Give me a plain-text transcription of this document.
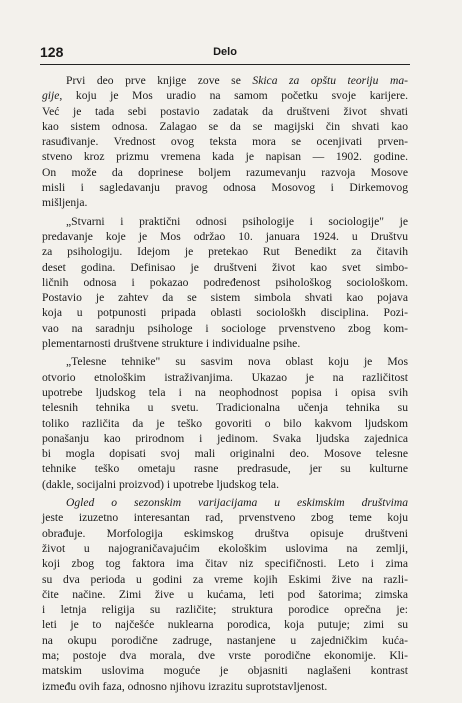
128	Delo
Prvi deo prve knjige zove se Skica za opštu teoriju ma-
gije, koju je Mos uradio na samom početku svoje karijere.
Već je tada sebi postavio zadatak da društveni život shvati
kao sistem odnosa. Zalagao se da se magijski čin shvati kao
rasuđivanje. Vrednost ovog teksta mora se ocenjivati prven-
stveno kroz prizmu vremena kada je napisan — 1902. godine.
On može da doprinese boljem razumevanju razvoja Mosove
misli i sagledavanju pravog odnosa Mosovog i Dirkemovog
mišljenja.
„Stvarni i praktični odnosi psihologije i sociologije" je
predavanje koje je Mos održao 10. januara 1924. u Društvu
za psihologiju. Idejom je pretekao Rut Benedikt za čitavih
deset godina. Definisao je društveni život kao svet simbo-
ličnih odnosa i pokazao podređenost psihološkog sociološkom.
Postavio je zahtev da se sistem simbola shvati kao pojava
koja u potpunosti pripada oblasti sociološkh disciplina. Pozi-
vao na saradnju psihologe i sociologe prvenstveno zbog kom-
plementarnosti društvene strukture i individualne psihe.
„Telesne tehnike" su sasvim nova oblast koju je Mos
otvorio etnološkim istraživanjima. Ukazao je na različitost
upotrebe ljudskog tela i na neophodnost popisa i opisa svih
telesnih tehnika u svetu. Tradicionalna učenja tehnika su
toliko različita da je teško govoriti o bilo kakvom ljudskom
ponašanju kao prirodnom i jedinom. Svaka ljudska zajednica
bi mogla dopisati svoj mali originalni deo. Mosove telesne
tehnike teško ometaju rasne predrasude, jer su kulturne
(dakle, socijalni proizvod) i upotrebe ljudskog tela.
Ogled o sezonskim varijacijama u eskimskim društvima
jeste izuzetno interesantan rad, prvenstveno zbog teme koju
obrađuje. Morfologija eskimskog društva opisuje društveni
život u najograničavajućim ekološkim uslovima na zemlji,
koji zbog tog faktora ima čitav niz specifičnosti. Leto i zima
su dva perioda u godini za vreme kojih Eskimi žive na razli-
čite načine. Zimi žive u kućama, leti pod šatorima; zimska
i letnja religija su različite; struktura porodice oprečna je:
leti je to najčešće nuklearna porodica, koja putuje; zimi su
na okupu porodične zadruge, nastanjene u zajedničkim kuća-
ma; postoje dva morala, dve vrste porodične ekonomije. Kli-
matskim uslovima moguće je objasniti naglašeni kontrast
između ovih faza, odnosno njihovu izrazitu suprotstavljenost.
